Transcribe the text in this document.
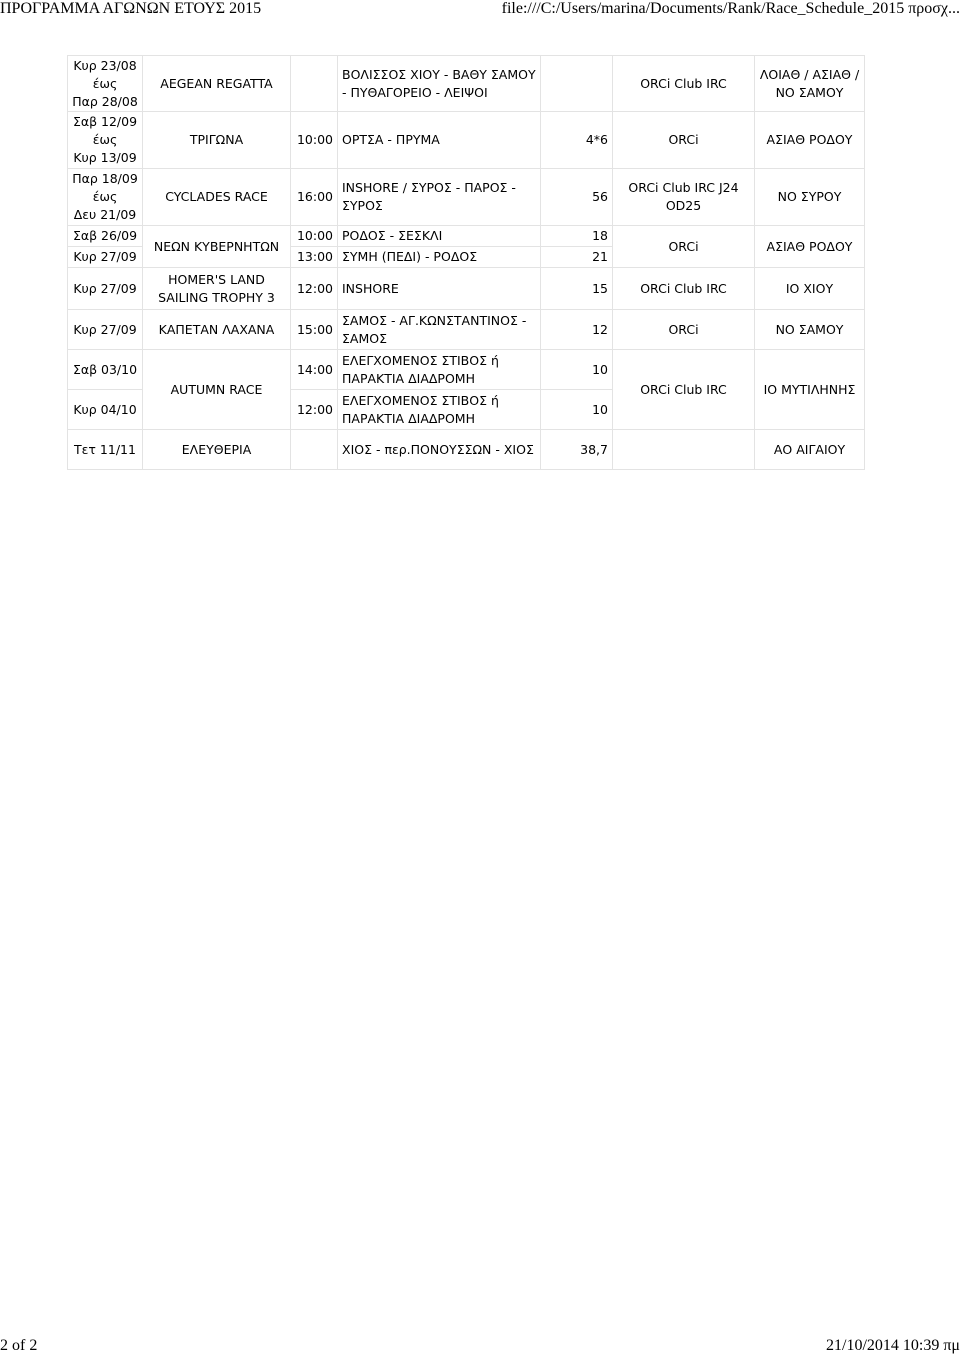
ΠΡΟΓΡΑΜΜΑ ΑΓΩΝΩΝ ΕΤΟΥΣ 2015	file:///C:/Users/marina/Documents/Rank/Race_Schedule_2015 προσχ...
Κυρ 23/08
έως
Παρ 28/08	AEGEAN REGATTA		ΒΟΛΙΣΣΟΣ ΧΙΟΥ - ΒΑΘΥ ΣΑΜΟΥ - ΠΥΘΑΓΟΡΕΙΟ - ΛΕΙΨΟΙ		ORCi Club IRC	ΛΟΙΑΘ / ΑΣΙΑΘ / ΝΟ ΣΑΜΟΥ
Σαβ 12/09
έως
Κυρ 13/09	ΤΡΙΓΩΝΑ	10:00	ΟΡΤΣΑ - ΠΡΥΜΑ	4*6	ORCi	ΑΣΙΑΘ ΡΟΔΟΥ
Παρ 18/09
έως
Δευ 21/09	CYCLADES RACE	16:00	INSHORE / ΣΥΡΟΣ - ΠΑΡΟΣ - ΣΥΡΟΣ	56	ORCi Club IRC J24 OD25	ΝΟ ΣΥΡΟΥ
Σαβ 26/09	ΝΕΩΝ ΚΥΒΕΡΝΗΤΩΝ	10:00	ΡΟΔΟΣ - ΣΕΣΚΛΙ	18	ORCi	ΑΣΙΑΘ ΡΟΔΟΥ
Κυρ 27/09		13:00	ΣΥΜΗ (ΠΕΔΙ) - ΡΟΔΟΣ	21		
Κυρ 27/09	HOMER'S LAND SAILING TROPHY 3	12:00	INSHORE	15	ORCi Club IRC	ΙΟ ΧΙΟΥ
Κυρ 27/09	ΚΑΠΕΤΑΝ ΛΑΧΑΝΑ	15:00	ΣΑΜΟΣ - ΑΓ.ΚΩΝΣΤΑΝΤΙΝΟΣ - ΣΑΜΟΣ	12	ORCi	ΝΟ ΣΑΜΟΥ
Σαβ 03/10	AUTUMN RACE	14:00	ΕΛΕΓΧΟΜΕΝΟΣ ΣΤΙΒΟΣ ή ΠΑΡΑΚΤΙΑ ΔΙΑΔΡΟΜΗ	10	ORCi Club IRC	ΙΟ ΜΥΤΙΛΗΝΗΣ
Κυρ 04/10		12:00	ΕΛΕΓΧΟΜΕΝΟΣ ΣΤΙΒΟΣ ή ΠΑΡΑΚΤΙΑ ΔΙΑΔΡΟΜΗ	10		
Τετ 11/11	ΕΛΕΥΘΕΡΙΑ		ΧΙΟΣ - περ.ΠΟΝΟΥΣΣΩΝ - ΧΙΟΣ	38,7		ΑΟ ΑΙΓΑΙΟΥ
2 of 2	21/10/2014 10:39 πμ
